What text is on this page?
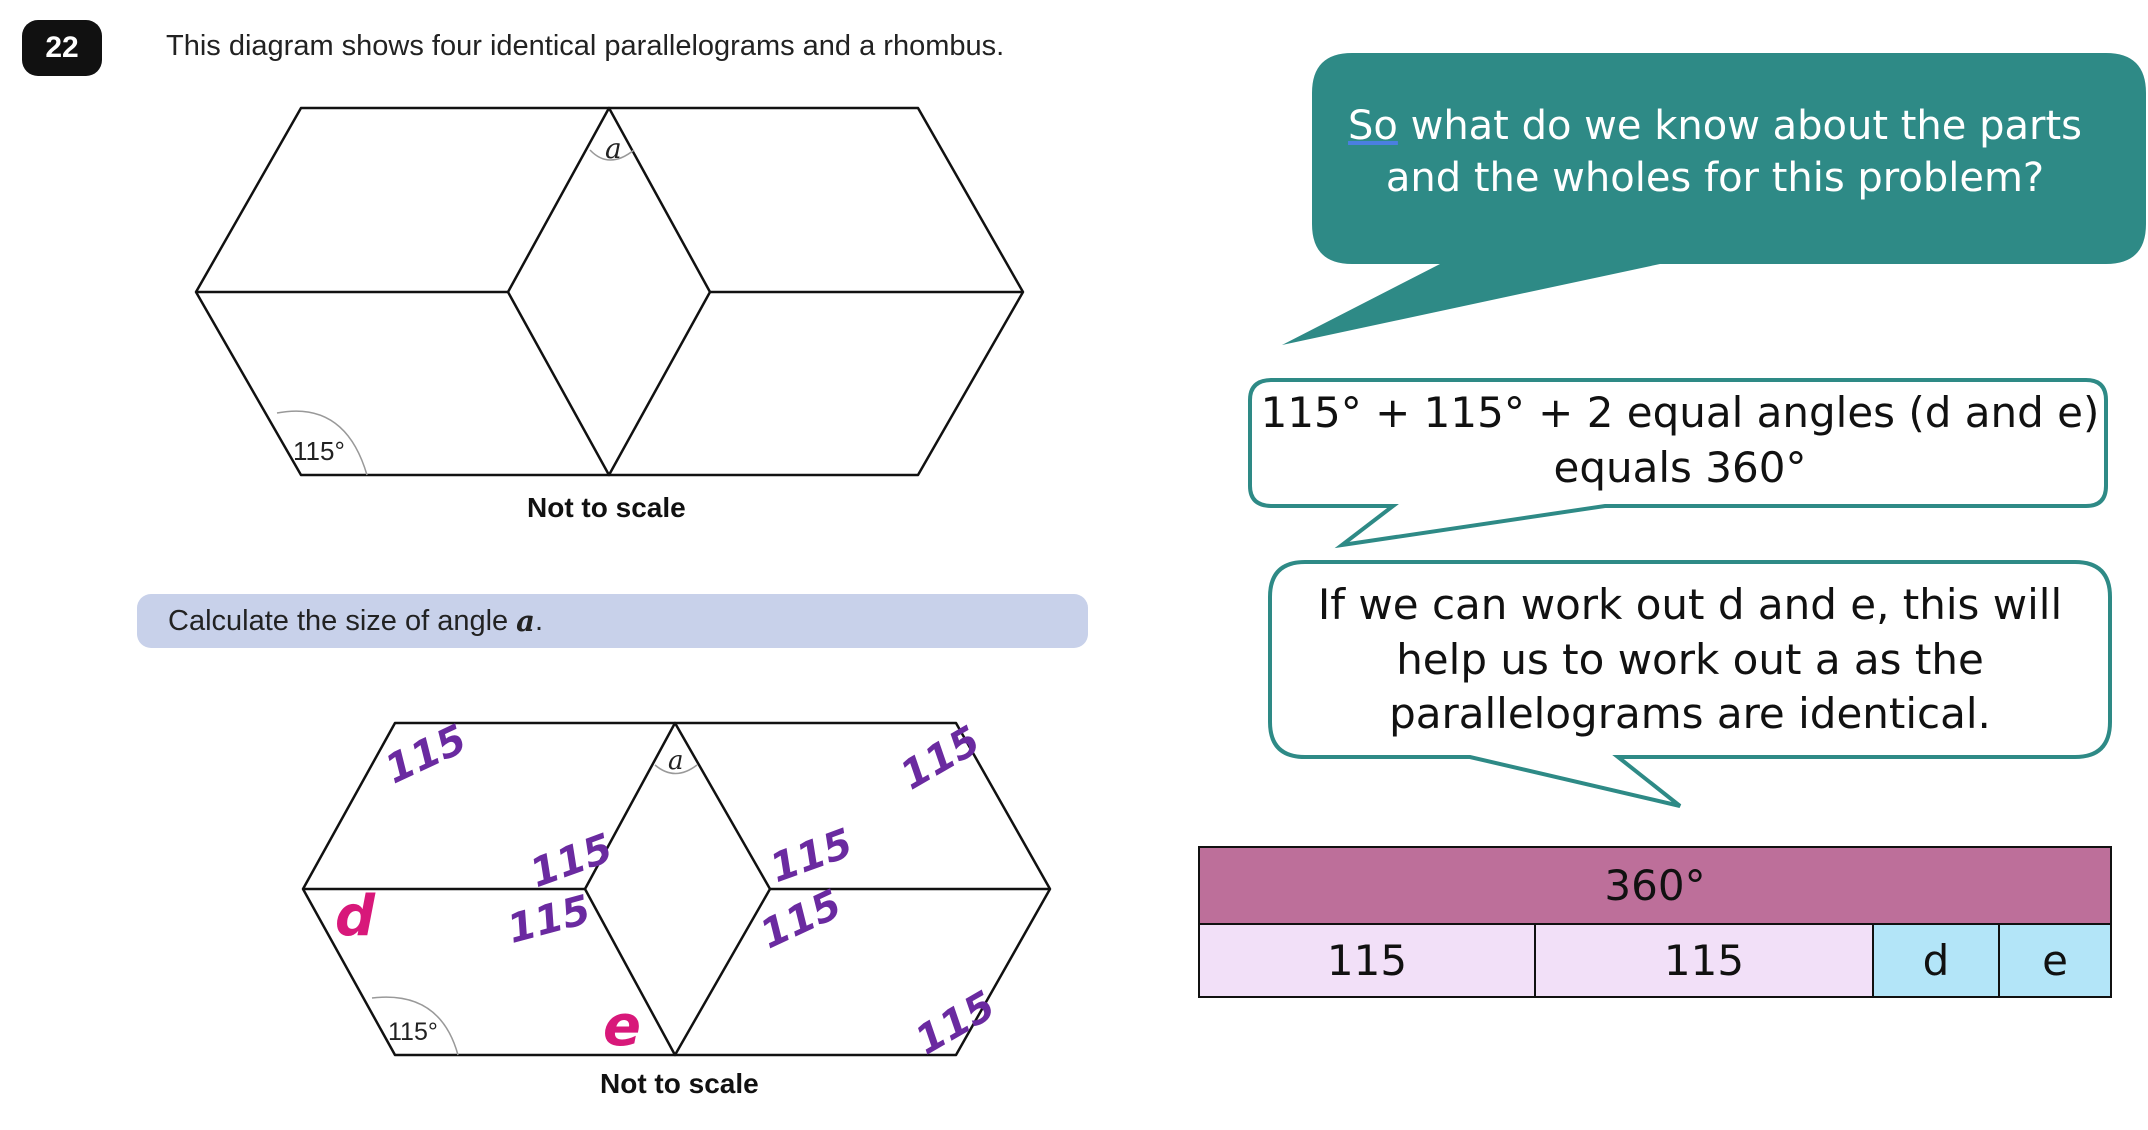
22	This diagram shows four identical parallelograms and a rhombus.
a
115°
Not to scale
Calculate the size of angle a .
a
115°
115
115
115
115
115	115
115
d
e
Not to scale
So what do we know about the parts
and the wholes for this problem?
115° + 115° + 2 equal angles (d and e)
equals 360°
If we can work out d and e, this will
help us to work out a as the
parallelograms are identical.
360°
115	115	d	e
